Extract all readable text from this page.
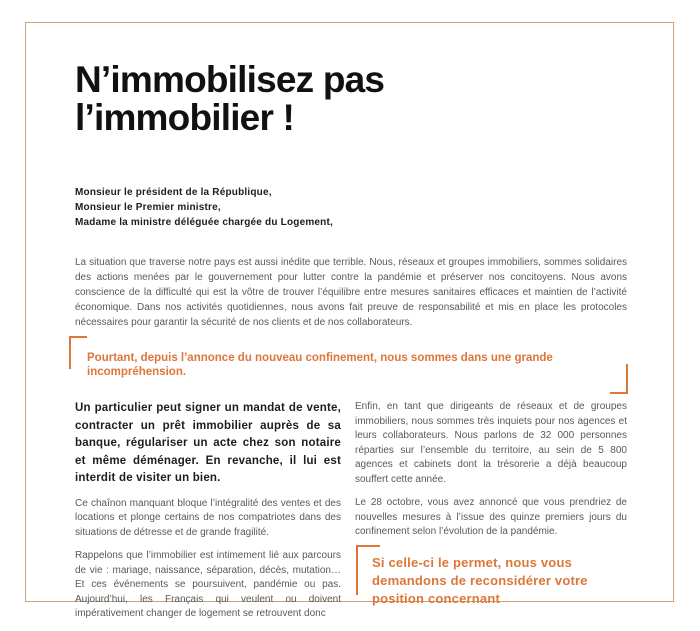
N’immobilisez pas
l’immobilier !
Monsieur le président de la République,
Monsieur le Premier ministre,
Madame la ministre déléguée chargée du Logement,

La situation que traverse notre pays est aussi inédite que terrible. Nous, réseaux et groupes immobiliers, sommes solidaires des actions menées par le gouvernement pour lutter contre la pandémie et préserver nos concitoyens. Nous avons conscience de la difficulté qui est la vôtre de trouver l’équilibre entre mesures sanitaires efficaces et maintien de l’activité économique. Dans nos activités quotidiennes, nous avons fait preuve de responsabilité et mis en place les protocoles nécessaires pour garantir la sécurité de nos clients et de nos collaborateurs.

Pourtant, depuis l’annonce du nouveau confinement, nous sommes dans une grande incompréhension.

Un particulier peut signer un mandat de vente, contracter un prêt immobilier auprès de sa banque, régulariser un acte chez son notaire et même déménager. En revanche, il lui est interdit de visiter un bien.

Ce chaînon manquant bloque l’intégralité des ventes et des locations et plonge certains de nos compatriotes dans des situations de détresse et de grande fragilité.

Rappelons que l’immobilier est intimement lié aux parcours de vie : mariage, naissance, séparation, décès, mutation… Et ces événements se poursuivent, pandémie ou pas. Aujourd’hui, les Français qui veulent ou doivent impérativement changer de logement se retrouvent donc

Enfin, en tant que dirigeants de réseaux et de groupes immobiliers, nous sommes très inquiets pour nos agences et leurs collaborateurs. Nous parlons de 32 000 personnes réparties sur l’ensemble du territoire, au sein de 5 800 agences et cabinets dont la trésorerie a déjà beaucoup souffert cette année.

Le 28 octobre, vous avez annoncé que vous prendriez de nouvelles mesures à l’issue des quinze premiers jours du confinement selon l’évolution de la pandémie.

Si celle-ci le permet, nous vous demandons de reconsidérer votre position concernant
